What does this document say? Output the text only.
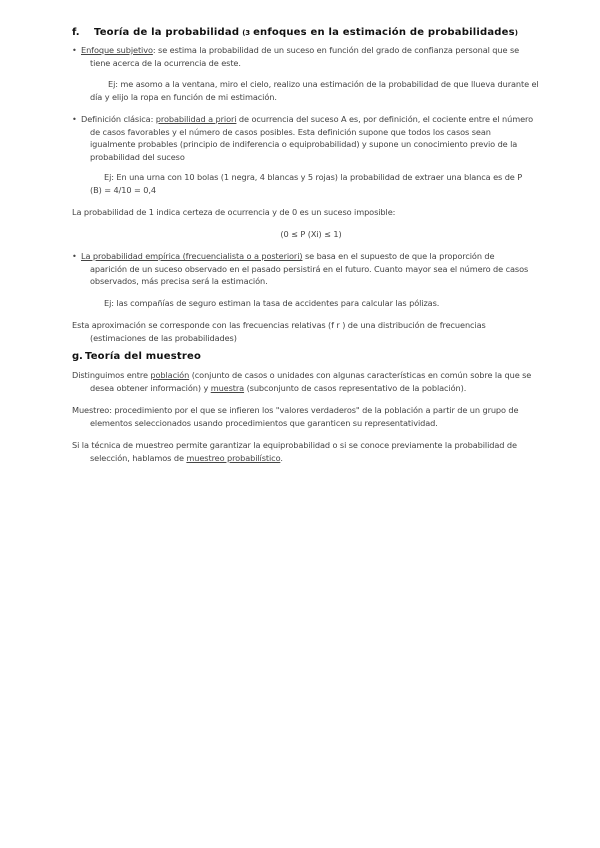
f.	Teoría de la probabilidad (3 enfoques en la estimación de probabilidades )
• Enfoque subjetivo: se estima la probabilidad de un suceso en función del grado de confianza personal que se
tiene acerca de la ocurrencia de este.

Ej: me asomo a la ventana, miro el cielo, realizo una estimación de la probabilidad de que llueva durante el
día y elijo la ropa en función de mi estimación.

• Definición clásica: probabilidad a priori de ocurrencia del suceso A es, por definición, el cociente entre el número
de casos favorables y el número de casos posibles. Esta definición supone que todos los casos sean
igualmente probables (principio de indiferencia o equiprobabilidad) y supone un conocimiento previo de la
probabilidad del suceso

Ej: En una urna con 10 bolas (1 negra, 4 blancas y 5 rojas) la probabilidad de extraer una blanca es de P
(B) = 4/10 = 0,4

La probabilidad de 1 indica certeza de ocurrencia y de 0 es un suceso imposible:

(0 ≤ P (Xi) ≤ 1)

• La probabilidad empírica (frecuencialista o a posteriori) se basa en el supuesto de que la proporción de
aparición de un suceso observado en el pasado persistirá en el futuro. Cuanto mayor sea el número de casos
observados, más precisa será la estimación.

Ej: las compañías de seguro estiman la tasa de accidentes para calcular las pólizas.

Esta aproximación se corresponde con las frecuencias relativas (f r ) de una distribución de frecuencias
(estimaciones de las probabilidades)

g. Teoría del muestreo

Distinguimos entre población (conjunto de casos o unidades con algunas características en común sobre la que se
desea obtener información) y muestra (subconjunto de casos representativo de la población).

Muestreo: procedimiento por el que se infieren los "valores verdaderos" de la población a partir de un grupo de
elementos seleccionados usando procedimientos que garanticen su representatividad.

Si la técnica de muestreo permite garantizar la equiprobabilidad o si se conoce previamente la probabilidad de
selección, hablamos de muestreo probabilístico.
